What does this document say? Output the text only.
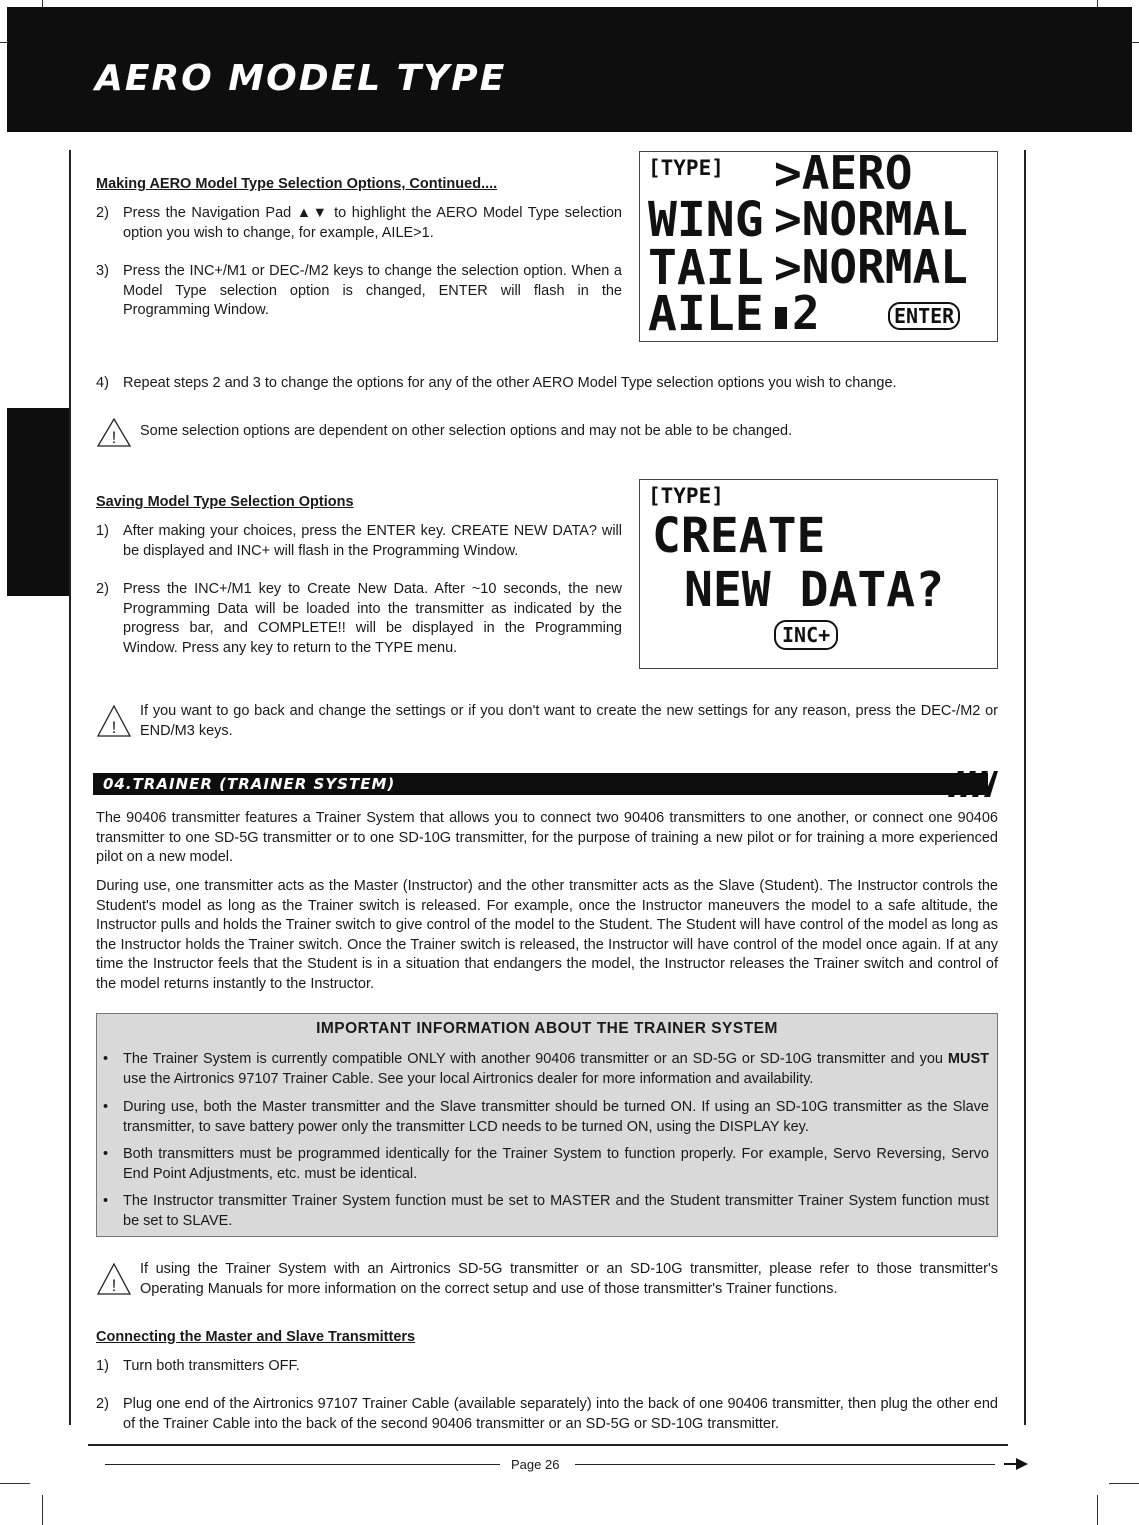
AERO MODEL TYPE
Making AERO Model Type Selection Options, Continued....
2) Press the Navigation Pad ▲▼ to highlight the AERO Model Type selection option you wish to change, for example, AILE>1.
3) Press the INC+/M1 or DEC-/M2 keys to change the selection option. When a Model Type selection option is changed, ENTER will flash in the Programming Window.
[TYPE] >AERO
WING >NORMAL
TAIL >NORMAL
AILE 2	ENTER
4) Repeat steps 2 and 3 to change the options for any of the other AERO Model Type selection options you wish to change.
! Some selection options are dependent on other selection options and may not be able to be changed.
Saving Model Type Selection Options
1) After making your choices, press the ENTER key. CREATE NEW DATA? will be displayed and INC+ will flash in the Programming Window.
2) Press the INC+/M1 key to Create New Data. After ~10 seconds, the new Programming Data will be loaded into the transmitter as indicated by the progress bar, and COMPLETE!! will be displayed in the Programming Window. Press any key to return to the TYPE menu.
[TYPE]
CREATE
NEW DATA?
INC+
!
If you want to go back and change the settings or if you don't want to create the new settings for any reason, press the DEC-/M2 or END/M3 keys.
04.TRAINER (TRAINER SYSTEM)
The 90406 transmitter features a Trainer System that allows you to connect two 90406 transmitters to one another, or connect one 90406 transmitter to one SD-5G transmitter or to one SD-10G transmitter, for the purpose of training a new pilot or for training a more experienced pilot on a new model.
During use, one transmitter acts as the Master (Instructor) and the other transmitter acts as the Slave (Student). The Instructor controls the Student's model as long as the Trainer switch is released. For example, once the Instructor maneuvers the model to a safe altitude, the Instructor pulls and holds the Trainer switch to give control of the model to the Student. The Student will have control of the model as long as the Instructor holds the Trainer switch. Once the Trainer switch is released, the Instructor will have control of the model once again. If at any time the Instructor feels that the Student is in a situation that endangers the model, the Instructor releases the Trainer switch and control of the model returns instantly to the Instructor.
IMPORTANT INFORMATION ABOUT THE TRAINER SYSTEM
• The Trainer System is currently compatible ONLY with another 90406 transmitter or an SD-5G or SD-10G transmitter and you MUST use the Airtronics 97107 Trainer Cable. See your local Airtronics dealer for more information and availability.
• During use, both the Master transmitter and the Slave transmitter should be turned ON. If using an SD-10G transmitter as the Slave transmitter, to save battery power only the transmitter LCD needs to be turned ON, using the DISPLAY key.
• Both transmitters must be programmed identically for the Trainer System to function properly. For example, Servo Reversing, Servo End Point Adjustments, etc. must be identical.
• The Instructor transmitter Trainer System function must be set to MASTER and the Student transmitter Trainer System function must be set to SLAVE.
!
If using the Trainer System with an Airtronics SD-5G transmitter or an SD-10G transmitter, please refer to those transmitter's Operating Manuals for more information on the correct setup and use of those transmitter's Trainer functions.
Connecting the Master and Slave Transmitters
1) Turn both transmitters OFF.
2) Plug one end of the Airtronics 97107 Trainer Cable (available separately) into the back of one 90406 transmitter, then plug the other end of the Trainer Cable into the back of the second 90406 transmitter or an SD-5G or SD-10G transmitter.
Page 26
